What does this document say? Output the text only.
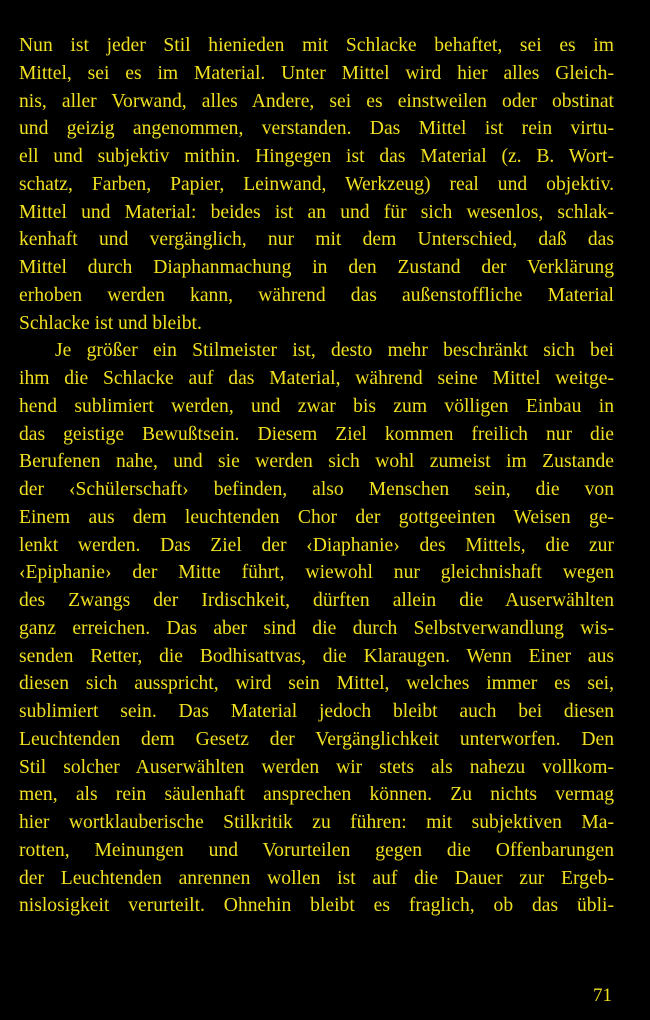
Nun ist jeder Stil hienieden mit Schlacke behaftet, sei es im
Mittel, sei es im Material. Unter Mittel wird hier alles Gleich-
nis, aller Vorwand, alles Andere, sei es einstweilen oder obstinat
und geizig angenommen, verstanden. Das Mittel ist rein virtu-
ell und subjektiv mithin. Hingegen ist das Material (z. B. Wort-
schatz, Farben, Papier, Leinwand, Werkzeug) real und objektiv.
Mittel und Material: beides ist an und für sich wesenlos, schlak-
kenhaft und vergänglich, nur mit dem Unterschied, daß das
Mittel durch Diaphanmachung in den Zustand der Verklärung
erhoben werden kann, während das außenstoffliche Material
Schlacke ist und bleibt.
Je größer ein Stilmeister ist, desto mehr beschränkt sich bei
ihm die Schlacke auf das Material, während seine Mittel weitge-
hend sublimiert werden, und zwar bis zum völligen Einbau in
das geistige Bewußtsein. Diesem Ziel kommen freilich nur die
Berufenen nahe, und sie werden sich wohl zumeist im Zustande
der ‹Schülerschaft› befinden, also Menschen sein, die von
Einem aus dem leuchtenden Chor der gottgeeinten Weisen ge-
lenkt werden. Das Ziel der ‹Diaphanie› des Mittels, die zur
‹Epiphanie› der Mitte führt, wiewohl nur gleichnishaft wegen
des Zwangs der Irdischkeit, dürften allein die Auserwählten
ganz erreichen. Das aber sind die durch Selbstverwandlung wis-
senden Retter, die Bodhisattvas, die Klaraugen. Wenn Einer aus
diesen sich ausspricht, wird sein Mittel, welches immer es sei,
sublimiert sein. Das Material jedoch bleibt auch bei diesen
Leuchtenden dem Gesetz der Vergänglichkeit unterworfen. Den
Stil solcher Auserwählten werden wir stets als nahezu vollkom-
men, als rein säulenhaft ansprechen können. Zu nichts vermag
hier wortklauberische Stilkritik zu führen: mit subjektiven Ma-
rotten, Meinungen und Vorurteilen gegen die Offenbarungen
der Leuchtenden anrennen wollen ist auf die Dauer zur Ergeb-
nislosigkeit verurteilt. Ohnehin bleibt es fraglich, ob das übli-
71
